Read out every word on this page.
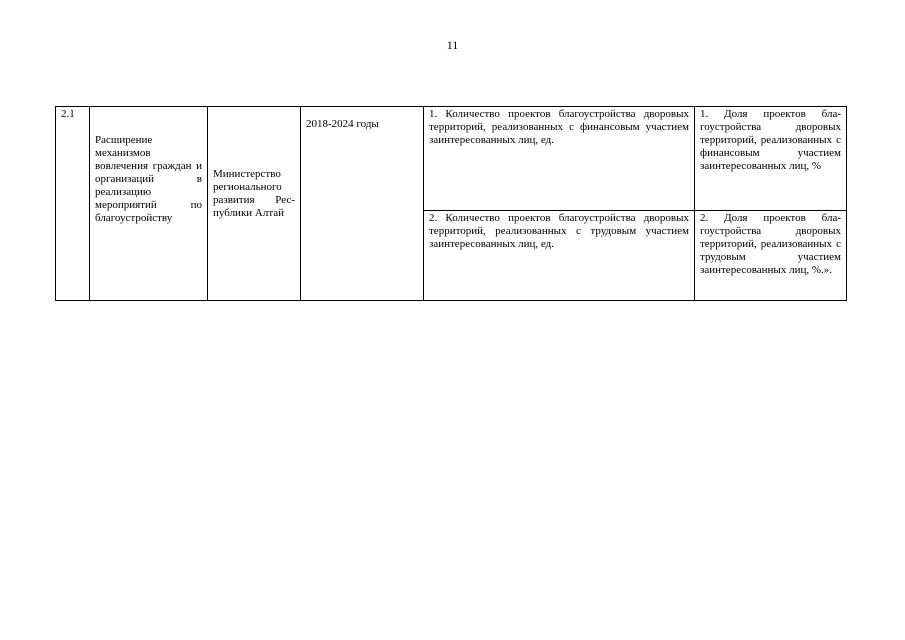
11
2.1	Расширение механизмов вовлечения граждан и организаций в реализацию мероприятий по благоустройству	Министерство регионального развития Республики Алтай	2018-2024 годы	1. Количество проектов благоустройства дворовых территорий, реализованных с финансовым участием заинтересованных лиц, ед.	1. Доля проектов благоустройства дворовых территорий, реализованных с финансовым участием заинтересованных лиц, %
				2. Количество проектов благоустройства дворовых территорий, реализованных с трудовым участием заинтересованных лиц, ед.	2. Доля проектов благоустройства дворовых территорий, реализованных с трудовым участием заинтересованных лиц, %.».
